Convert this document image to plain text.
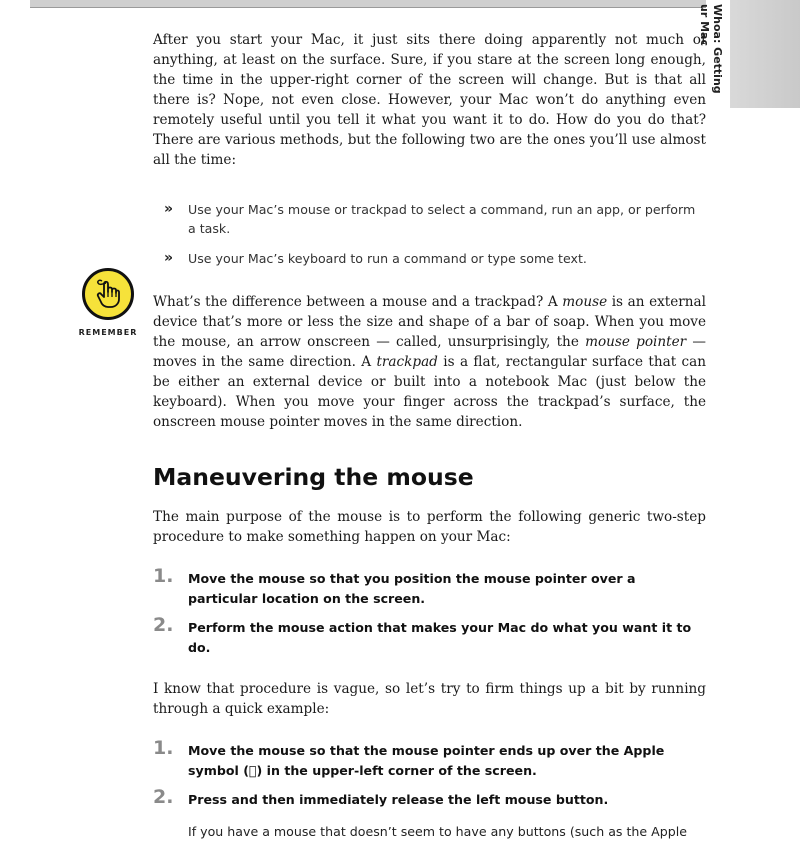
Whoa: Getting
ur Mac
REMEMBER

After you start your Mac, it just sits there doing apparently not much of anything, at least on the surface. Sure, if you stare at the screen long enough, the time in the upper-right corner of the screen will change. But is that all there is? Nope, not even close. However, your Mac won’t do anything even remotely useful until you tell it what you want it to do. How do you do that? There are various methods, but the following two are the ones you’ll use almost all the time:

» Use your Mac’s mouse or trackpad to select a command, run an app, or perform a task.
» Use your Mac’s keyboard to run a command or type some text.

What’s the difference between a mouse and a trackpad? A mouse is an external device that’s more or less the size and shape of a bar of soap. When you move the mouse, an arrow onscreen — called, unsurprisingly, the mouse pointer — moves in the same direction. A trackpad is a flat, rectangular surface that can be either an external device or built into a notebook Mac (just below the keyboard). When you move your finger across the trackpad’s surface, the onscreen mouse pointer moves in the same direction.

Maneuvering the mouse

The main purpose of the mouse is to perform the following generic two-step procedure to make something happen on your Mac:

1. Move the mouse so that you position the mouse pointer over a particular location on the screen.
2. Perform the mouse action that makes your Mac do what you want it to do.

I know that procedure is vague, so let’s try to firm things up a bit by running through a quick example:

1. Move the mouse so that the mouse pointer ends up over the Apple symbol ( ) in the upper-left corner of the screen.
2. Press and then immediately release the left mouse button.
If you have a mouse that doesn’t seem to have any buttons (such as the Apple
